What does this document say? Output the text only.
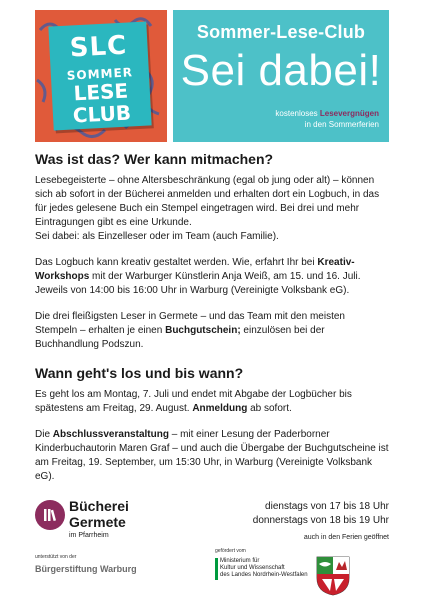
SLC
SOMMER
LESE
CLUB
Sommer-Lese-Club
Sei dabei!
kostenloses Lesevergnügen
in den Sommerferien
Was ist das? Wer kann mitmachen?

Lesebegeisterte – ohne Altersbeschränkung (egal ob jung oder alt) – können sich ab sofort in der Bücherei anmelden und erhalten dort ein Logbuch, in das für jedes gelesene Buch ein Stempel eingetragen wird. Bei drei und mehr Eintragungen gibt es eine Urkunde.

Sei dabei: als Einzelleser oder im Team (auch Familie).

Das Logbuch kann kreativ gestaltet werden. Wie, erfahrt Ihr bei Kreativ-Workshops mit der Warburger Künstlerin Anja Weiß, am 15. und 16. Juli. Jeweils von 14:00 bis 16:00 Uhr in Warburg (Vereinigte Volksbank eG).

Die drei fleißigsten Leser in Germete – und das Team mit den meisten Stempeln – erhalten je einen Buchgutschein; einzulösen bei der Buchhandlung Podszun.

Wann geht's los und bis wann?

Es geht los am Montag, 7. Juli und endet mit Abgabe der Logbücher bis spätestens am Freitag, 29. August. Anmeldung ab sofort.

Die Abschlussveranstaltung – mit einer Lesung der Paderborner Kinderbuchautorin Maren Graf – und auch die Übergabe der Buchgutscheine ist am Freitag, 19. September, um 15:30 Uhr, in Warburg (Vereinigte Volksbank eG).

Bücherei
Germete
im Pfarrheim
dienstags von 17 bis 18 Uhr
donnerstags von 18 bis 19 Uhr
auch in den Ferien geöffnet
unterstützt von der
Bürgerstiftung Warburg
gefördert vom
Ministerium für
Kultur und Wissenschaft
des Landes Nordrhein-Westfalen
